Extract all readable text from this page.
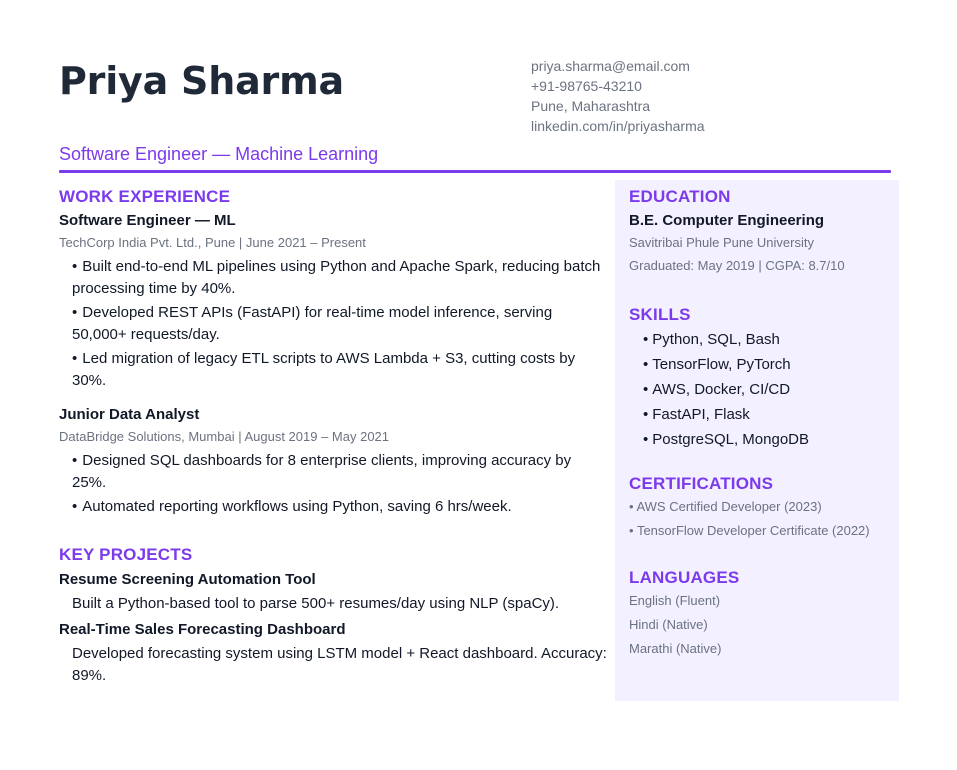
Priya Sharma	priya.sharma@email.com
+91-98765-43210
Pune, Maharashtra
linkedin.com/in/priyasharma
Software Engineer — Machine Learning
WORK EXPERIENCE
Software Engineer — ML
TechCorp India Pvt. Ltd., Pune | June 2021 – Present
• Built end-to-end ML pipelines using Python and Apache Spark, reducing batch processing time by 40%.
• Developed REST APIs (FastAPI) for real-time model inference, serving 50,000+ requests/day.
• Led migration of legacy ETL scripts to AWS Lambda + S3, cutting costs by 30%.
Junior Data Analyst
DataBridge Solutions, Mumbai | August 2019 – May 2021
• Designed SQL dashboards for 8 enterprise clients, improving accuracy by 25%.
• Automated reporting workflows using Python, saving 6 hrs/week.
KEY PROJECTS
Resume Screening Automation Tool
Built a Python-based tool to parse 500+ resumes/day using NLP (spaCy).
Real-Time Sales Forecasting Dashboard
Developed forecasting system using LSTM model + React dashboard. Accuracy: 89%.
EDUCATION
B.E. Computer Engineering
Savitribai Phule Pune University
Graduated: May 2019 | CGPA: 8.7/10
SKILLS
• Python, SQL, Bash
• TensorFlow, PyTorch
• AWS, Docker, CI/CD
• FastAPI, Flask
• PostgreSQL, MongoDB
CERTIFICATIONS
• AWS Certified Developer (2023)
• TensorFlow Developer Certificate (2022)
LANGUAGES
English (Fluent)
Hindi (Native)
Marathi (Native)
